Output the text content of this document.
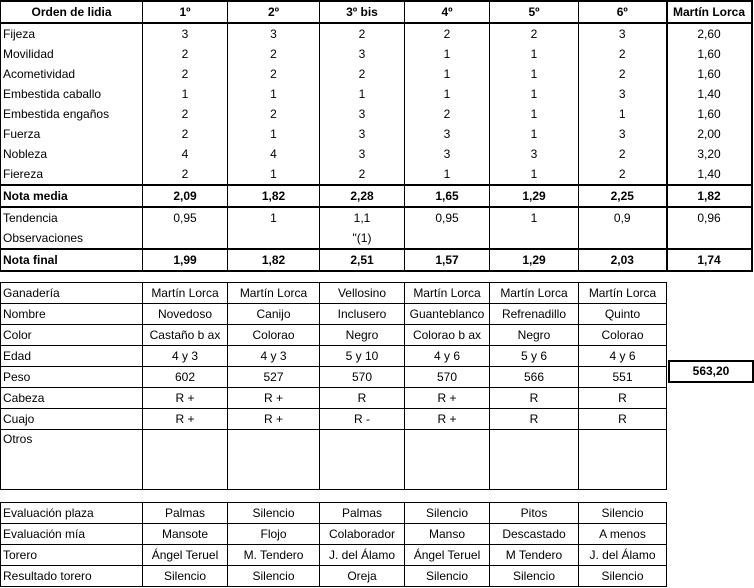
Orden de lidia	1º	2º	3º bis	4º	5º	6º	Martín Lorca
Fijeza	3	3	2	2	2	3	2,60
Movilidad	2	2	3	1	1	2	1,60
Acometividad	2	2	2	1	1	2	1,60
Embestida caballo	1	1	1	1	1	3	1,40
Embestida engaños	2	2	3	2	1	1	1,60
Fuerza	2	1	3	3	1	3	2,00
Nobleza	4	4	3	3	3	2	3,20
Fiereza	2	1	2	1	1	2	1,40
Nota media	2,09	1,82	2,28	1,65	1,29	2,25	1,82
Tendencia	0,95	1	1,1	0,95	1	0,9	0,96
Observaciones			"(1)				
Nota final	1,99	1,82	2,51	1,57	1,29	2,03	1,74
Ganadería	Martín Lorca	Martín Lorca	Vellosino	Martín Lorca	Martín Lorca	Martín Lorca
Nombre	Novedoso	Canijo	Inclusero	Guanteblanco	Refrenadillo	Quinto
Color	Castaño b ax	Colorao	Negro	Colorao b ax	Negro	Colorao
Edad	4 y 3	4 y 3	5 y 10	4 y 6	5 y 6	4 y 6
Peso	602	527	570	570	566	551
Cabeza	R +	R +	R	R +	R	R
Cuajo	R +	R +	R -	R +	R	R
Otros						
563,20
Evaluación plaza	Palmas	Silencio	Palmas	Silencio	Pitos	Silencio
Evaluación mía	Mansote	Flojo	Colaborador	Manso	Descastado	A menos
Torero	Ángel Teruel	M. Tendero	J. del Álamo	Ángel Teruel	M Tendero	J. del Álamo
Resultado torero	Silencio	Silencio	Oreja	Silencio	Silencio	Silencio
